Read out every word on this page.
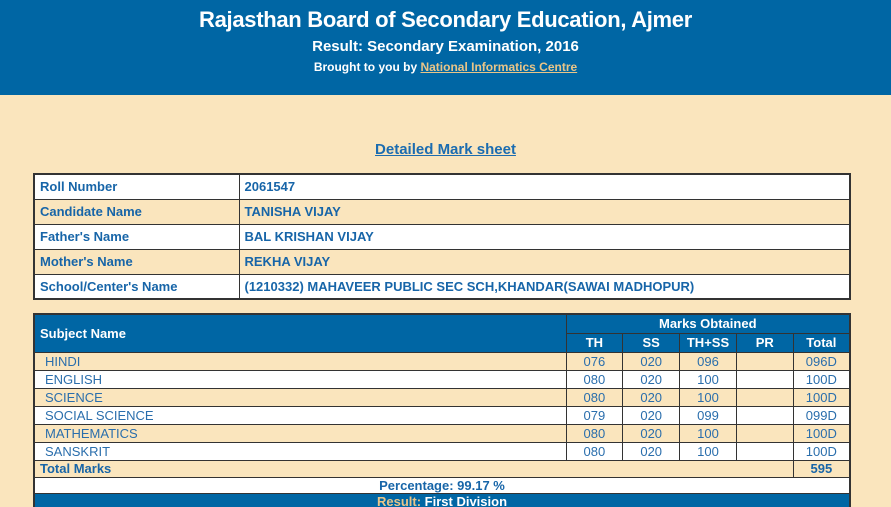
Rajasthan Board of Secondary Education, Ajmer
Result: Secondary Examination, 2016
Brought to you by National Informatics Centre
Detailed Mark sheet
Roll Number	2061547
Candidate Name	TANISHA VIJAY
Father's Name	BAL KRISHAN VIJAY
Mother's Name	REKHA VIJAY
School/Center's Name	(1210332) MAHAVEER PUBLIC SEC SCH,KHANDAR(SAWAI MADHOPUR)
Subject Name	Marks Obtained				
	TH	SS	TH+SS	PR	Total
HINDI	076	020	096		096D
ENGLISH	080	020	100		100D
SCIENCE	080	020	100		100D
SOCIAL SCIENCE	079	020	099		099D
MATHEMATICS	080	020	100		100D
SANSKRIT	080	020	100		100D
Total Marks					595
Percentage: 99.17 %					
Result: First Division					
